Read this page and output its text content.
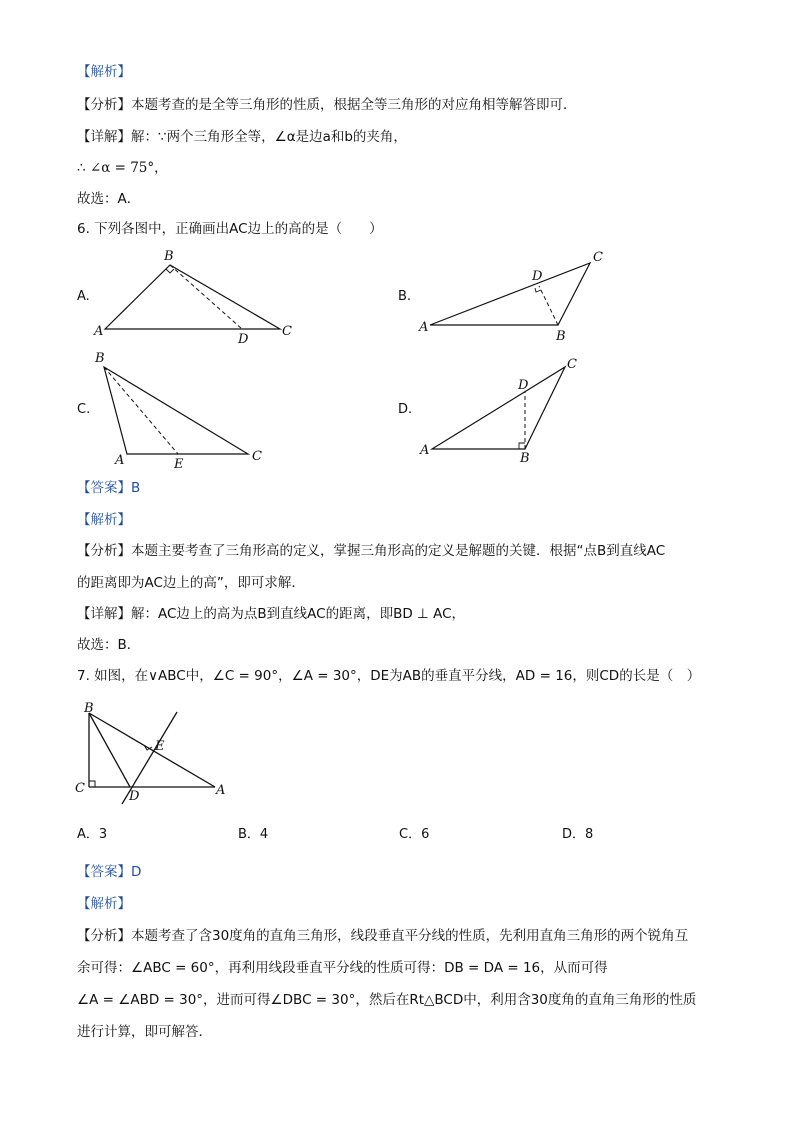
【解析】
【分析】本题考查的是全等三角形的性质，根据全等三角形的对应角相等解答即可．
【详解】解：∵两个三角形全等，∠α是边a和b的夹角，
∴ ∠α = 75°，
故选：A．
6. 下列各图中，正确画出AC边上的高的是（　　）
A.
A
B
C
D
B.
A
B
C
D
C.
B
A	C
E
D.
A
B
C
D
【答案】B
【解析】
【分析】本题主要考查了三角形高的定义，掌握三角形高的定义是解题的关键．根据“点B到直线AC
的距离即为AC边上的高”，即可求解．
【详解】解：AC边上的高为点B到直线AC的距离，即BD ⊥ AC，
故选：B．
7. 如图，在∨ABC中，∠C = 90°，∠A = 30°，DE为AB的垂直平分线，AD = 16，则CD的长是（　）
B
C
D
E
A
A．3	B．4	C．6	D．8
【答案】D
【解析】
【分析】本题考查了含30度角的直角三角形，线段垂直平分线的性质，先利用直角三角形的两个锐角互
余可得：∠ABC = 60°，再利用线段垂直平分线的性质可得：DB = DA = 16，从而可得
∠A = ∠ABD = 30°，进而可得∠DBC = 30°，然后在Rt△BCD中，利用含30度角的直角三角形的性质
进行计算，即可解答．
